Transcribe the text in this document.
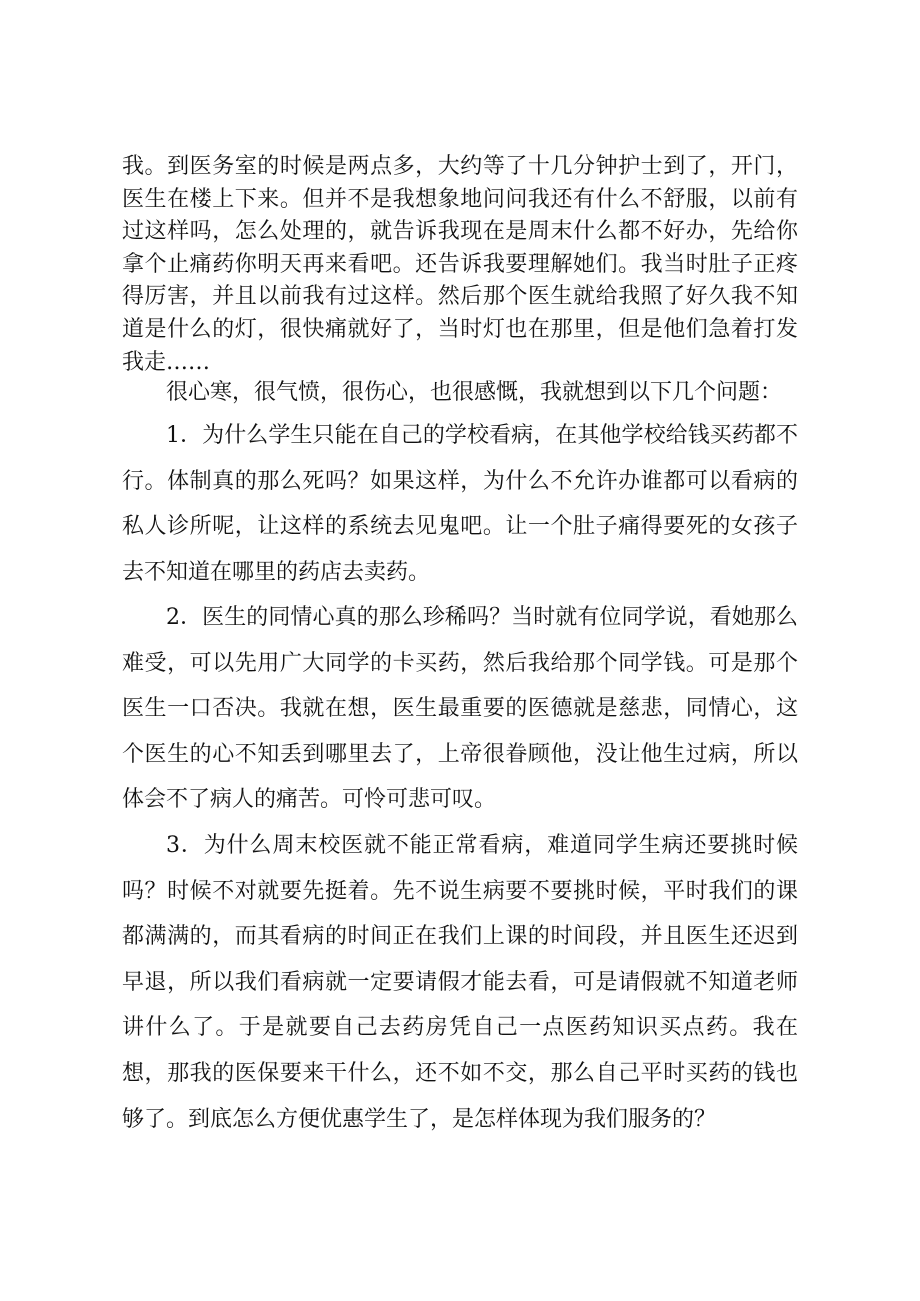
我。到医务室的时候是两点多，大约等了十几分钟护士到了，开门，医生在楼上下来。但并不是我想象地问问我还有什么不舒服，以前有过这样吗，怎么处理的，就告诉我现在是周末什么都不好办，先给你拿个止痛药你明天再来看吧。还告诉我要理解她们。我当时肚子正疼得厉害，并且以前我有过这样。然后那个医生就给我照了好久我不知道是什么的灯，很快痛就好了，当时灯也在那里，但是他们急着打发我走……

很心寒，很气愤，很伤心，也很感慨，我就想到以下几个问题：

1．为什么学生只能在自己的学校看病，在其他学校给钱买药都不行。体制真的那么死吗？如果这样，为什么不允许办谁都可以看病的私人诊所呢，让这样的系统去见鬼吧。让一个肚子痛得要死的女孩子去不知道在哪里的药店去卖药。

2．医生的同情心真的那么珍稀吗？当时就有位同学说，看她那么难受，可以先用广大同学的卡买药，然后我给那个同学钱。可是那个医生一口否决。我就在想，医生最重要的医德就是慈悲，同情心，这个医生的心不知丢到哪里去了，上帝很眷顾他，没让他生过病，所以体会不了病人的痛苦。可怜可悲可叹。

3．为什么周末校医就不能正常看病，难道同学生病还要挑时候吗？时候不对就要先挺着。先不说生病要不要挑时候，平时我们的课都满满的，而其看病的时间正在我们上课的时间段，并且医生还迟到早退，所以我们看病就一定要请假才能去看，可是请假就不知道老师讲什么了。于是就要自己去药房凭自己一点医药知识买点药。我在想，那我的医保要来干什么，还不如不交，那么自己平时买药的钱也够了。到底怎么方便优惠学生了，是怎样体现为我们服务的？
